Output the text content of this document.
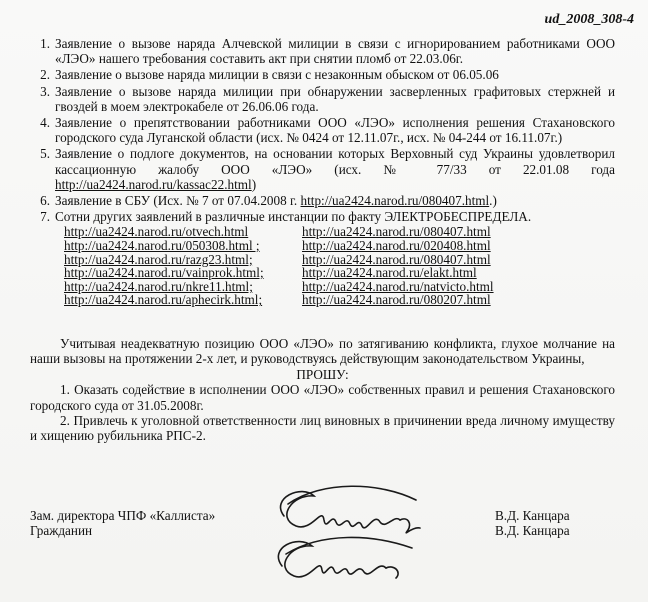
ud_2008_308-4
1. Заявление о вызове наряда Алчевской милиции в связи с игнорированием работниками ООО «ЛЭО» нашего требования составить акт при снятии пломб от 22.03.06г.
2. Заявление о вызове наряда милиции в связи с незаконным обыском от 06.05.06
3. Заявление о вызове наряда милиции при обнаружении засверленных графитовых стержней и гвоздей в моем электрокабеле от 26.06.06 года.
4. Заявление о препятствовании работниками ООО «ЛЭО» исполнения решения Стахановского городского суда Луганской области (исх. № 0424 от 12.11.07г., исх. № 04-244 от 16.11.07г.)
5. Заявление о подлоге документов, на основании которых Верховный суд Украины удовлетворил кассационную жалобу ООО «ЛЭО» (исх. № 77/33 от 22.01.08 года http://ua2424.narod.ru/kassac22.html)
6. Заявление в СБУ (Исх. № 7 от 07.04.2008 г. http://ua2424.narod.ru/080407.html.)
7. Сотни других заявлений в различные инстанции по факту ЭЛЕКТРОБЕСПРЕДЕЛА.
http://ua2424.narod.ru/otvech.html	http://ua2424.narod.ru/080407.html
http://ua2424.narod.ru/050308.html ;	http://ua2424.narod.ru/020408.html
http://ua2424.narod.ru/razg23.html;	http://ua2424.narod.ru/080407.html
http://ua2424.narod.ru/vainprok.html;	http://ua2424.narod.ru/elakt.html
http://ua2424.narod.ru/nkre11.html;	http://ua2424.narod.ru/natvicto.html
http://ua2424.narod.ru/aphecirk.html;	http://ua2424.narod.ru/080207.html

Учитывая неадекватную позицию ООО «ЛЭО» по затягиванию конфликта, глухое молчание на наши вызовы на протяжении 2-х лет, и руководствуясь действующим законодательством Украины,

ПРОШУ:

1. Оказать содействие в исполнении ООО «ЛЭО» собственных правил и решения Стахановского городского суда от 31.05.2008г.

2. Привлечь к уголовной ответственности лиц виновных в причинении вреда личному имуществу и хищению рубильника РПС-2.

Зам. директора ЧПФ «Каллиста»	В.Д. Канцара
Гражданин	В.Д. Канцара
